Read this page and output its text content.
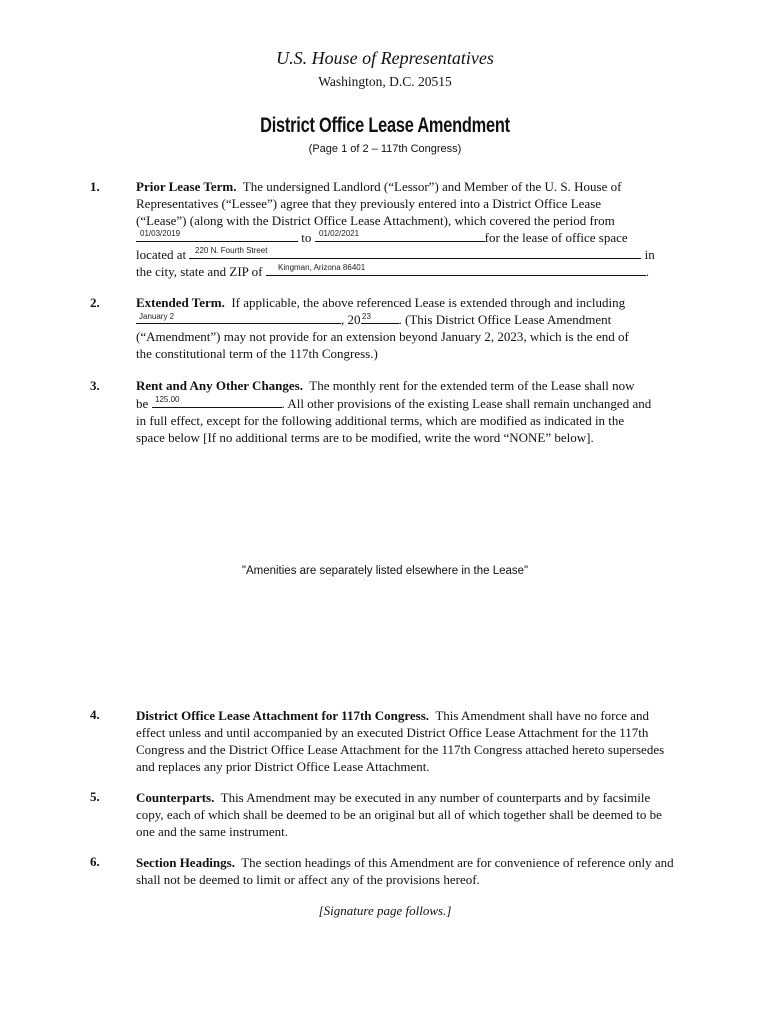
U.S. House of Representatives
Washington, D.C. 20515
District Office Lease Amendment
(Page 1 of 2 – 117th Congress)
1.	Prior Lease Term. The undersigned Landlord (“Lessor”) and Member of the U. S. House of
Representatives (“Lessee”) agree that they previously entered into a District Office Lease
(“Lease”) (along with the District Office Lease Attachment), which covered the period from
to	for the lease of office space
01/03/2019	01/02/2021
located at	in
220 N. Fourth Street
the city, state and ZIP of	.
Kingman, Arizona 86401
2.	Extended Term. If applicable, the above referenced Lease is extended through and including
, 20	. (This District Office Lease Amendment
January 2	23
(“Amendment”) may not provide for an extension beyond January 2, 2023, which is the end of
the constitutional term of the 117th Congress.)
3.	Rent and Any Other Changes. The monthly rent for the extended term of the Lease shall now
be	. All other provisions of the existing Lease shall remain unchanged and
125.00
in full effect, except for the following additional terms, which are modified as indicated in the
space below [If no additional terms are to be modified, write the word “NONE” below].
"Amenities are separately listed elsewhere in the Lease"
4.	District Office Lease Attachment for 117th Congress. This Amendment shall have no force and effect unless and until accompanied by an executed District Office Lease Attachment for the 117th Congress and the District Office Lease Attachment for the 117th Congress attached hereto supersedes and replaces any prior District Office Lease Attachment.
5.	Counterparts. This Amendment may be executed in any number of counterparts and by facsimile copy, each of which shall be deemed to be an original but all of which together shall be deemed to be one and the same instrument.
6.	Section Headings. The section headings of this Amendment are for convenience of reference only and shall not be deemed to limit or affect any of the provisions hereof.
[Signature page follows.]
